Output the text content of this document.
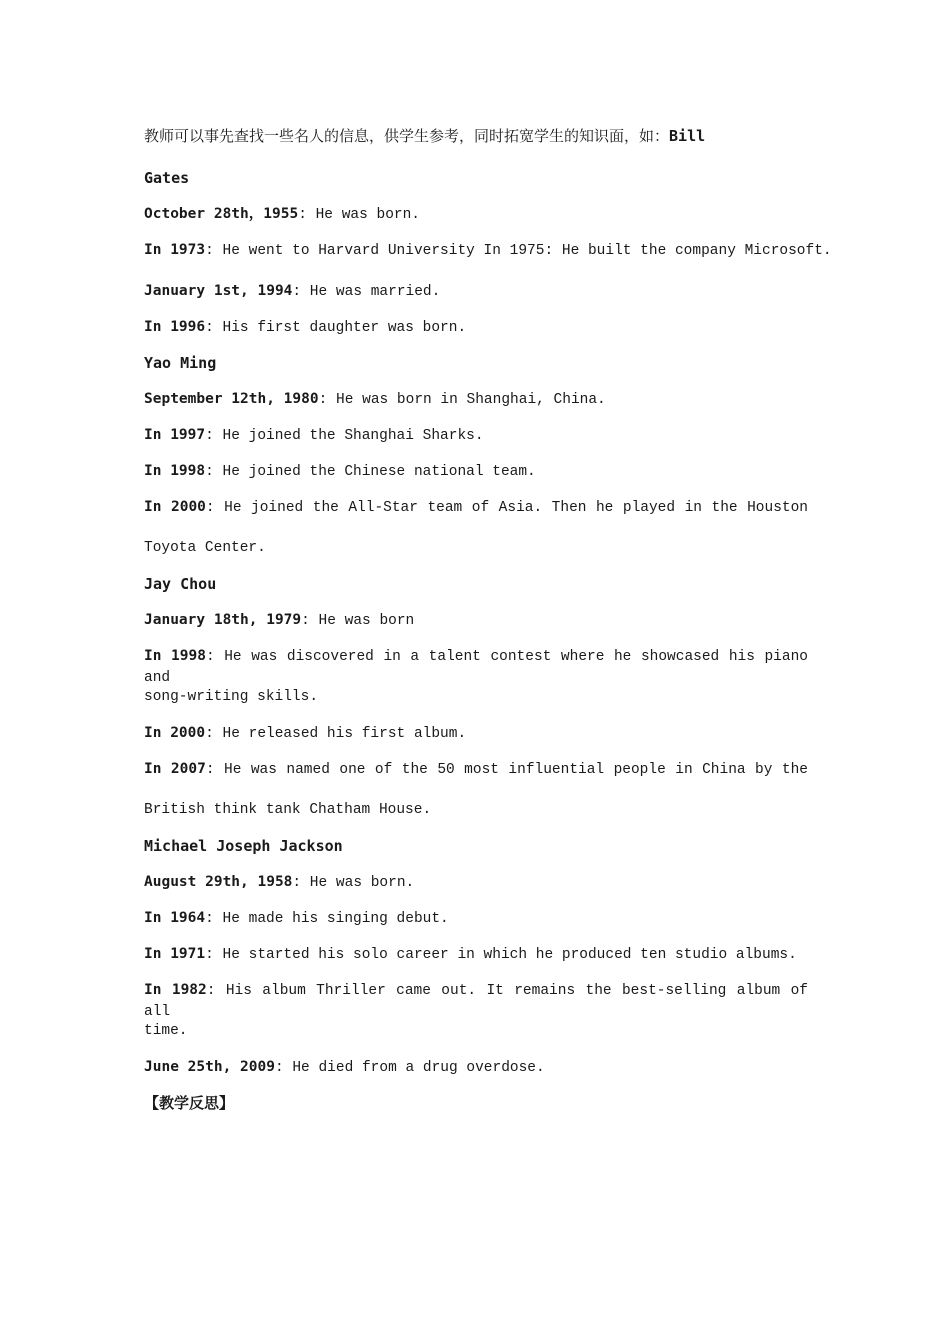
教师可以事先查找一些名人的信息，供学生参考，同时拓宽学生的知识面，如：Bill
Gates
October 28th，1955: He was born.
In 1973: He went to Harvard University In 1975: He built the company Microsoft.
January 1st, 1994: He was married.
In 1996: His first daughter was born.
Yao Ming
September 12th, 1980: He was born in Shanghai, China.
In 1997: He joined the Shanghai Sharks.
In 1998: He joined the Chinese national team.
In 2000: He joined the All-Star team of Asia. Then he played in the Houston
Toyota Center.
Jay Chou
January 18th, 1979: He was born
In 1998: He was discovered in a talent contest where he showcased his piano and
song-writing skills.
In 2000: He released his first album.
In 2007: He was named one of the 50 most influential people in China by the
British think tank Chatham House.
Michael Joseph Jackson
August 29th, 1958: He was born.
In 1964: He made his singing debut.
In 1971: He started his solo career in which he produced ten studio albums.
In 1982: His album Thriller came out. It remains the best-selling album of all
time.
June 25th, 2009: He died from a drug overdose.
【教学反思】
